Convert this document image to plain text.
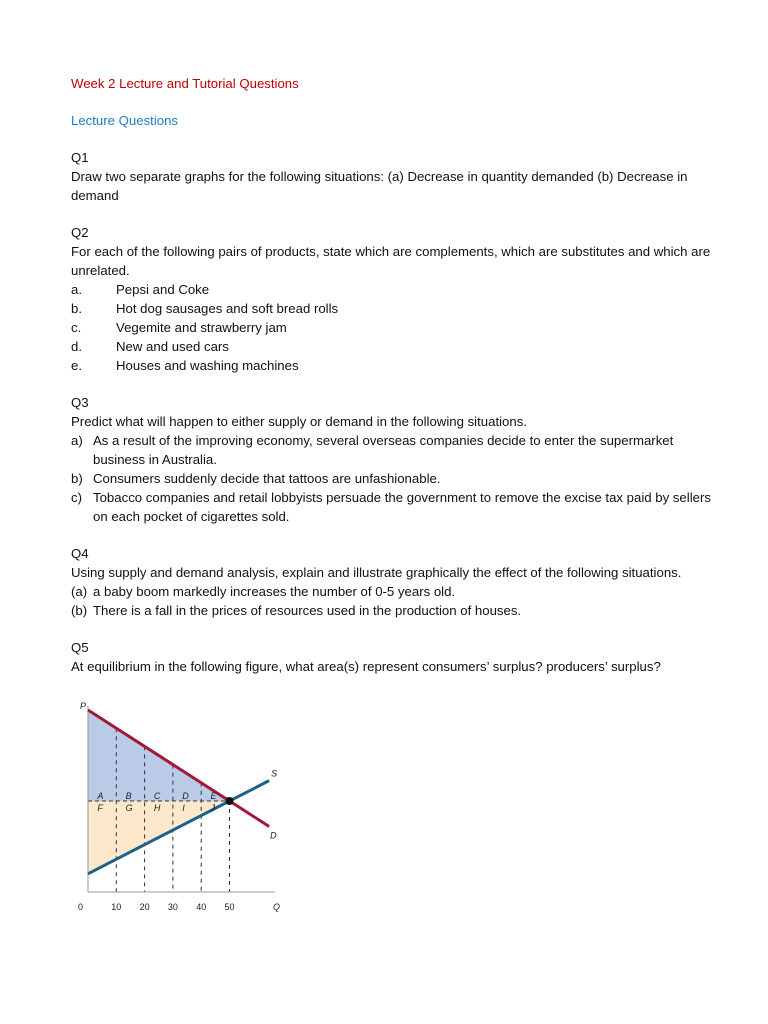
Week 2 Lecture and Tutorial Questions

Lecture Questions

Q1

Draw two separate graphs for the following situations: (a) Decrease in quantity demanded (b) Decrease in demand

Q2

For each of the following pairs of products, state which are complements, which are substitutes and which are unrelated.

a.	Pepsi and Coke
b.	Hot dog sausages and soft bread rolls
c.	Vegemite and strawberry jam
d.	New and used cars
e.	Houses and washing machines

Q3

Predict what will happen to either supply or demand in the following situations.

a) As a result of the improving economy, several overseas companies decide to enter the supermarket business in Australia.
b) Consumers suddenly decide that tattoos are unfashionable.
c) Tobacco companies and retail lobbyists persuade the government to remove the excise tax paid by sellers on each pocket of cigarettes sold.

Q4

Using supply and demand analysis, explain and illustrate graphically the effect of the following situations.

(a) a baby boom markedly increases the number of 0-5 years old.
(b) There is a fall in the prices of resources used in the production of houses.

Q5

At equilibrium in the following figure, what area(s) represent consumers’ surplus? producers’ surplus?

S
D
P
Q
0	10 20 30 40 50
A B C D E
F	G H I	J
